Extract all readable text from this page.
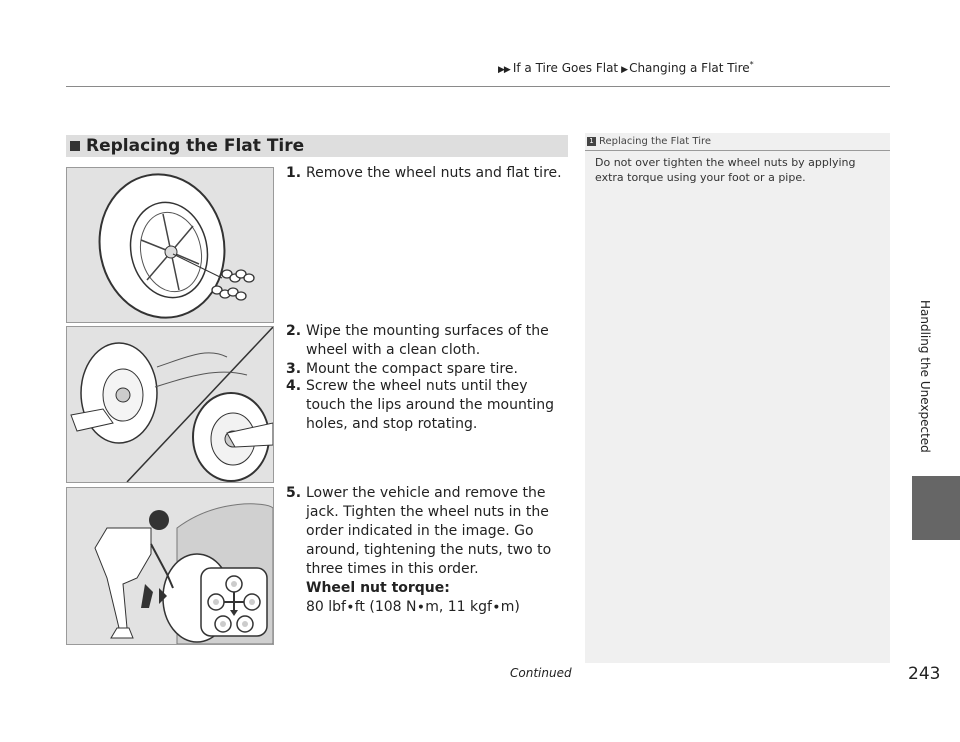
▶▶ If a Tire Goes Flat ▶ Changing a Flat Tire*
Handling the Unexpected
Replacing the Flat Tire
1. Remove the wheel nuts and flat tire.
2. Wipe the mounting surfaces of the wheel with a clean cloth.
3. Mount the compact spare tire.
4. Screw the wheel nuts until they touch the lips around the mounting holes, and stop rotating.
5. Lower the vehicle and remove the jack. Tighten the wheel nuts in the order indicated in the image. Go around, tightening the nuts, two to three times in this order.
Wheel nut torque:
80 lbf∙ft (108 N∙m, 11 kgf∙m)
1 Replacing the Flat Tire
Do not over tighten the wheel nuts by applying extra torque using your foot or a pipe.
Continued	243
